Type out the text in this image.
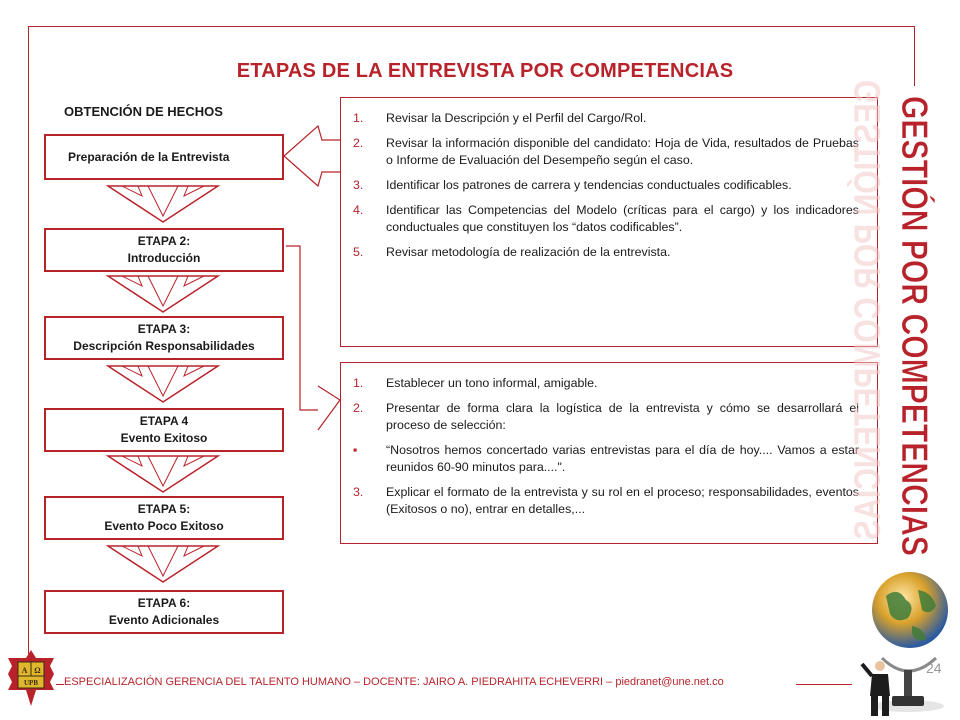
ETAPAS DE LA ENTREVISTA POR COMPETENCIAS
OBTENCIÓN DE HECHOS
Preparación de la Entrevista
ETAPA 2:
Introducción
ETAPA 3:
Descripción Responsabilidades
ETAPA 4
Evento Exitoso
ETAPA 5:
Evento Poco Exitoso
ETAPA 6:
Evento Adicionales
1.	Revisar la Descripción y el Perfil del Cargo/Rol.
2.	Revisar la información disponible del candidato: Hoja de Vida, resultados de Pruebas o Informe de Evaluación del Desempeño según el caso.
3.	Identificar los patrones de carrera y tendencias conductuales codificables.
4.	Identificar las Competencias del Modelo (críticas para el cargo) y los indicadores conductuales que constituyen los “datos codificables”.
5.	Revisar metodología de realización de la entrevista.
1.	Establecer un tono informal, amigable.
2.	Presentar de forma clara la logística de la entrevista y cómo se desarrollará el proceso de selección:
▪	“Nosotros hemos concertado varias entrevistas para el día de hoy.... Vamos a estar reunidos 60-90 minutos para....".
3.	Explicar el formato de la entrevista y su rol en el proceso; responsabilidades, eventos (Exitosos o no), entrar en detalles,...	GESTIÓN POR COMPETENCIAS GESTIÓN POR COMPETENCIAS
A Ω
UPB ESPECIALIZACIÓN GERENCIA DEL TALENTO HUMANO – DOCENTE: JAIRO A. PIEDRAHITA ECHEVERRI – piedranet@une.net.co
24
